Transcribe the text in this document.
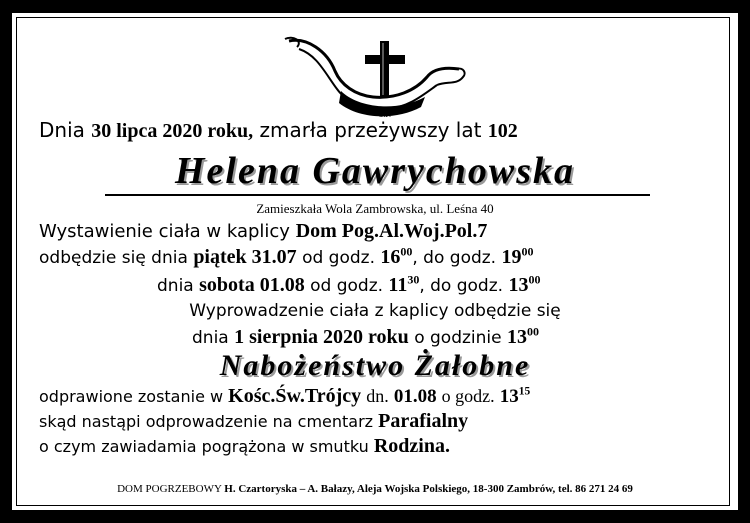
Ś.P.
Dnia 30 lipca 2020 roku, zmarła przeżywszy lat 102
Helena Gawrychowska
Zamieszkała Wola Zambrowska, ul. Leśna 40
Wystawienie ciała w kaplicy Dom Pog.Al.Woj.Pol.7
odbędzie się dnia piątek 31.07 od godz. $16^{00}$, do godz. $19^{00}$
dnia sobota 01.08 od godz. $11^{30}$, do godz. $13^{00}$
Wyprowadzenie ciała z kaplicy odbędzie się
dnia 1 sierpnia 2020 roku o godzinie $13^{00}$
Nabożeństwo Żałobne
odprawione zostanie w Kośc.Św.Trójcy dn. 01.08 o godz. $13^{15}$
skąd nastąpi odprowadzenie na cmentarz Parafialny
o czym zawiadamia pogrążona w smutku Rodzina.
DOM POGRZEBOWY H. Czartoryska – A. Bałazy, Aleja Wojska Polskiego, 18-300 Zambrów, tel. 86 271 24 69
